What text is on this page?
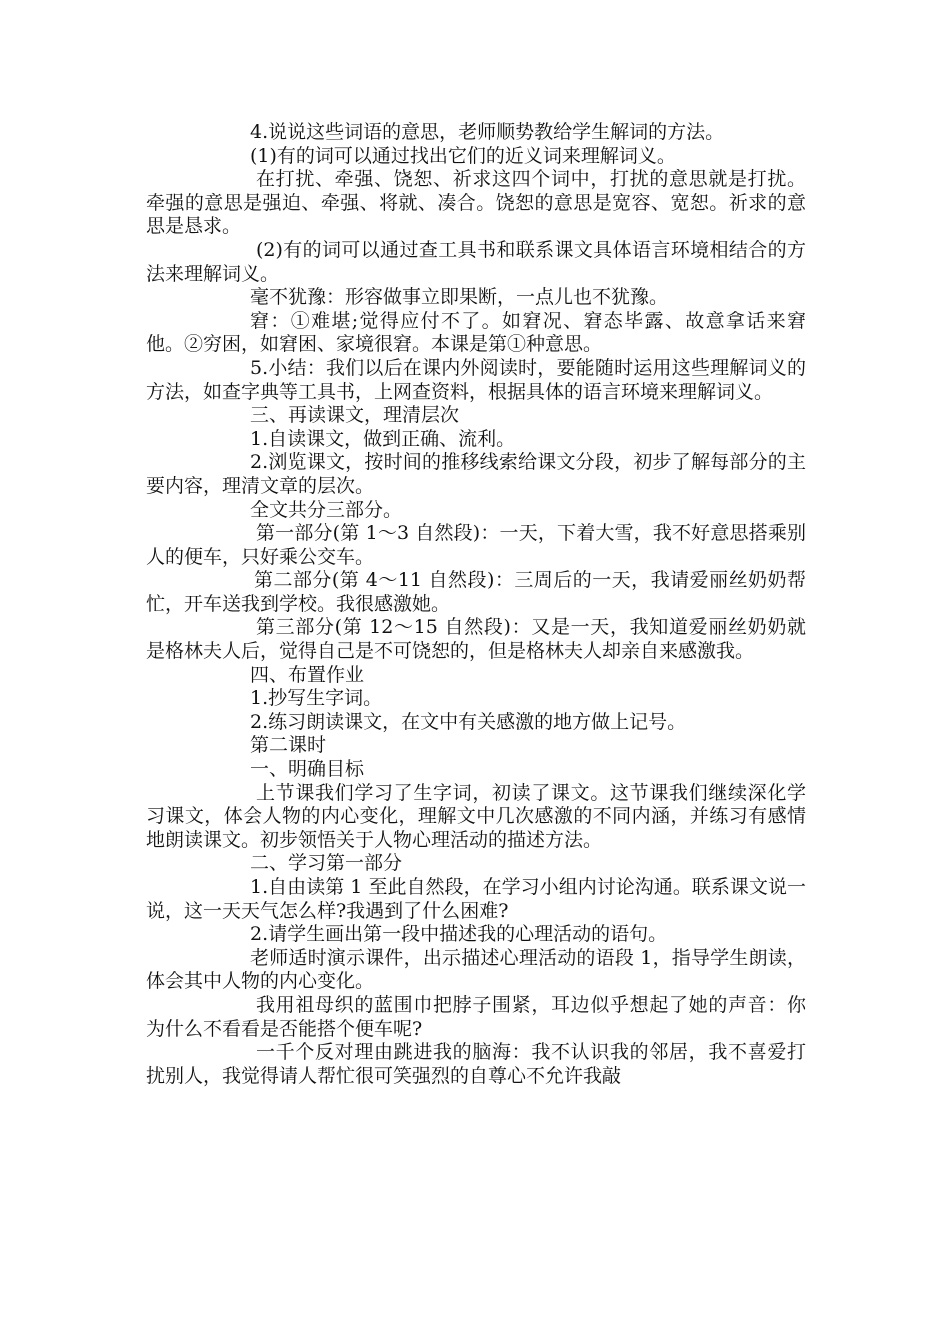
4.说说这些词语的意思，老师顺势教给学生解词的方法。

(1)有的词可以通过找出它们的近义词来理解词义。

在打扰、牵强、饶恕、祈求这四个词中，打扰的意思就是打扰。牵强的意思是强迫、牵强、将就、凑合。饶恕的意思是宽容、宽恕。祈求的意思是恳求。

(2)有的词可以通过查工具书和联系课文具体语言环境相结合的方法来理解词义。

毫不犹豫：形容做事立即果断，一点儿也不犹豫。

窘：①难堪;觉得应付不了。如窘况、窘态毕露、故意拿话来窘他。②穷困，如窘困、家境很窘。本课是第①种意思。

5.小结：我们以后在课内外阅读时，要能随时运用这些理解词义的方法，如查字典等工具书，上网查资料，根据具体的语言环境来理解词义。

三、再读课文，理清层次

1.自读课文，做到正确、流利。

2.浏览课文，按时间的推移线索给课文分段，初步了解每部分的主要内容，理清文章的层次。

全文共分三部分。

第一部分(第 1～3 自然段)：一天，下着大雪，我不好意思搭乘别人的便车，只好乘公交车。

第二部分(第 4～11 自然段)：三周后的一天，我请爱丽丝奶奶帮忙，开车送我到学校。我很感激她。

第三部分(第 12～15 自然段)：又是一天，我知道爱丽丝奶奶就是格林夫人后，觉得自己是不可饶恕的，但是格林夫人却亲自来感激我。

四、布置作业

1.抄写生字词。

2.练习朗读课文，在文中有关感激的地方做上记号。

第二课时

一、明确目标

上节课我们学习了生字词，初读了课文。这节课我们继续深化学习课文，体会人物的内心变化，理解文中几次感激的不同内涵，并练习有感情地朗读课文。初步领悟关于人物心理活动的描述方法。

二、学习第一部分

1.自由读第 1 至此自然段，在学习小组内讨论沟通。联系课文说一说，这一天天气怎么样?我遇到了什么困难?

2.请学生画出第一段中描述我的心理活动的语句。

老师适时演示课件，出示描述心理活动的语段 1，指导学生朗读，体会其中人物的内心变化。

我用祖母织的蓝围巾把脖子围紧，耳边似乎想起了她的声音：你为什么不看看是否能搭个便车呢?

一千个反对理由跳进我的脑海：我不认识我的邻居，我不喜爱打扰别人，我觉得请人帮忙很可笑强烈的自尊心不允许我敲
